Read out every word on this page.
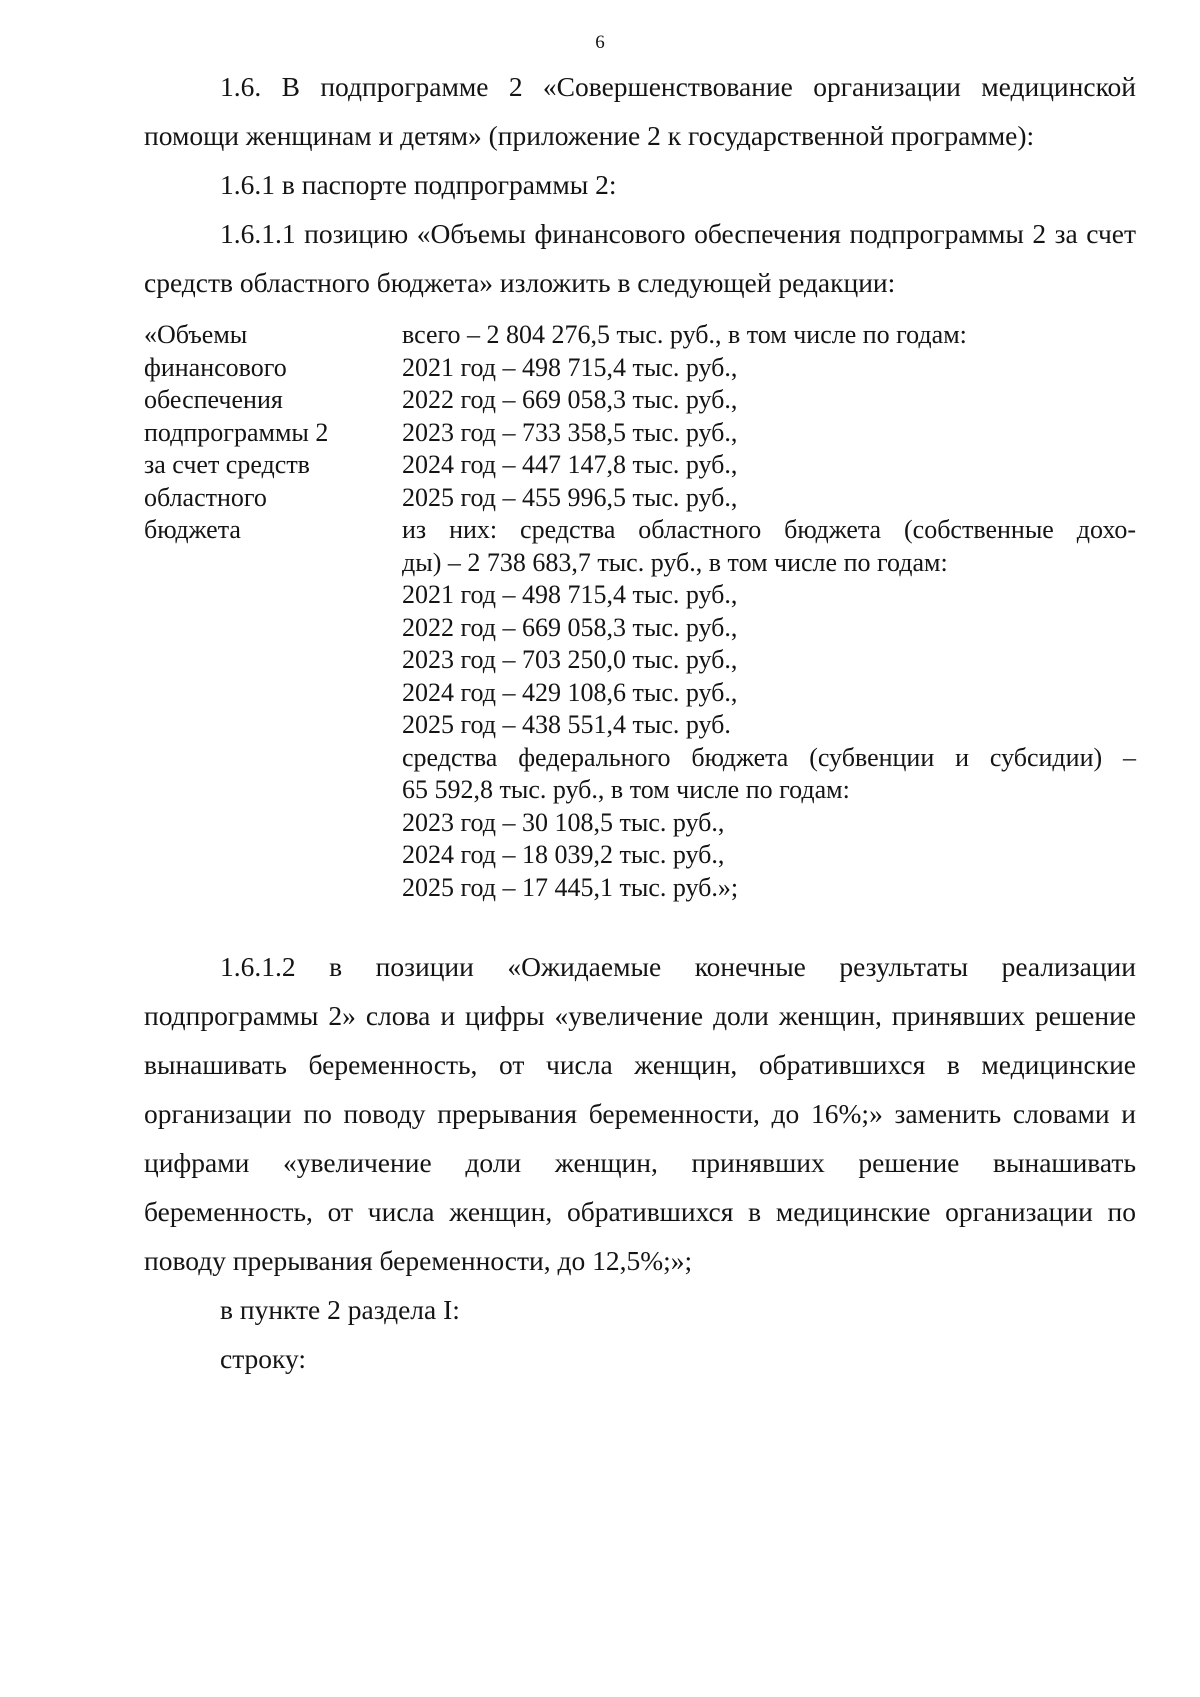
6

1.6. В подпрограмме 2 «Совершенствование организации медицинской помощи женщинам и детям» (приложение 2 к государственной программе):

1.6.1 в паспорте подпрограммы 2:

1.6.1.1 позицию «Объемы финансового обеспечения подпрограммы 2 за счет средств областного бюджета» изложить в следующей редакции:

«Объемы
финансового
обеспечения
подпрограммы 2
за счет средств
областного
бюджета
всего – 2 804 276,5 тыс. руб., в том числе по годам:
2021 год – 498 715,4 тыс. руб.,
2022 год – 669 058,3 тыс. руб.,
2023 год – 733 358,5 тыс. руб.,
2024 год – 447 147,8 тыс. руб.,
2025 год – 455 996,5 тыс. руб.,
из них: средства областного бюджета (собственные дохо-
ды) – 2 738 683,7 тыс. руб., в том числе по годам:
2021 год – 498 715,4 тыс. руб.,
2022 год – 669 058,3 тыс. руб.,
2023 год – 703 250,0 тыс. руб.,
2024 год – 429 108,6 тыс. руб.,
2025 год – 438 551,4 тыс. руб.
средства федерального бюджета (субвенции и субсидии) –
65 592,8 тыс. руб., в том числе по годам:
2023 год – 30 108,5 тыс. руб.,
2024 год – 18 039,2 тыс. руб.,
2025 год – 17 445,1 тыс. руб.»;

1.6.1.2 в позиции «Ожидаемые конечные результаты реализации подпрограммы 2» слова и цифры «увеличение доли женщин, принявших решение вынашивать беременность, от числа женщин, обратившихся в медицинские организации по поводу прерывания беременности, до 16%;» заменить словами и цифрами «увеличение доли женщин, принявших решение вынашивать беременность, от числа женщин, обратившихся в медицинские организации по поводу прерывания беременности, до 12,5%;»;

в пункте 2 раздела I:

строку:
